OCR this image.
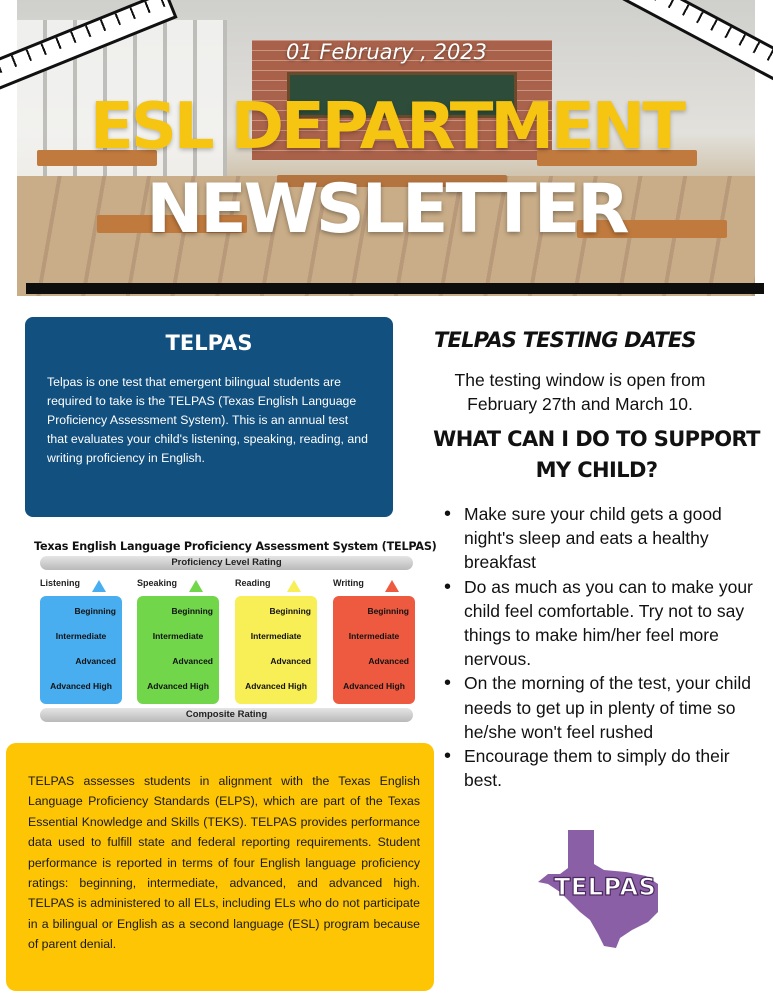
01 February , 2023
ESL DEPARTMENT
NEWSLETTER
TELPAS

Telpas is one test that emergent bilingual students are required to take is the TELPAS (Texas English Language Proficiency Assessment System). This is an annual test that evaluates your child's listening, speaking, reading, and writing proficiency in English.

Texas English Language Proficiency Assessment System (TELPAS)
Proficiency Level Rating
Listening
Beginning
Intermediate
Advanced
Advanced High
Speaking
Beginning
Intermediate
Advanced
Advanced High
Reading
Beginning
Intermediate
Advanced
Advanced High
Writing
Beginning
Intermediate
Advanced
Advanced High
Composite Rating

TELPAS assesses students in alignment with the Texas English Language Proficiency Standards (ELPS), which are part of the Texas Essential Knowledge and Skills (TEKS). TELPAS provides performance data used to fulfill state and federal reporting requirements. Student performance is reported in terms of four English language proficiency ratings: beginning, intermediate, advanced, and advanced high. TELPAS is administered to all ELs, including ELs who do not participate in a bilingual or English as a second language (ESL) program because of parent denial.

TELPAS TESTING DATES
The testing window is open from February 27th and March 10.
WHAT CAN I DO TO SUPPORT MY CHILD?
• Make sure your child gets a good night's sleep and eats a healthy breakfast
• Do as much as you can to make your child feel comfortable. Try not to say things to make him/her feel more nervous.
• On the morning of the test, your child needs to get up in plenty of time so he/she won't feel rushed
• Encourage them to simply do their best.
TELPAS
